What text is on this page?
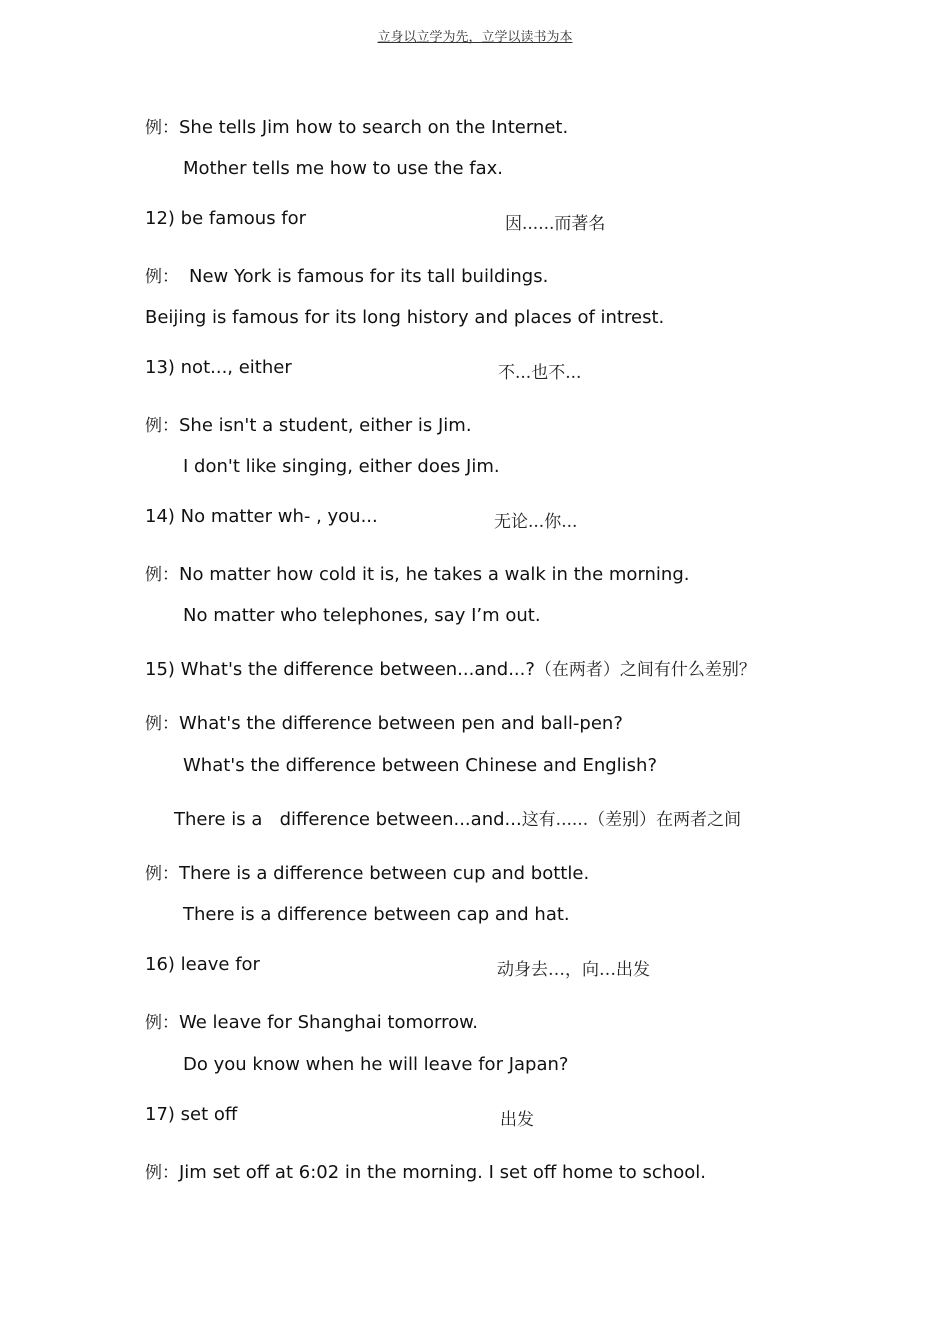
立身以立学为先，立学以读书为本
例：She tells Jim how to search on the Internet.
Mother tells me how to use the fax.
12) be famous for	因......而著名
例： New York is famous for its tall buildings.
Beijing is famous for its long history and places of intrest.
13) not..., either	不...也不...
例：She isn't a student, either is Jim.
I don't like singing, either does Jim.
14) No matter wh- , you...	无论...你...
例：No matter how cold it is, he takes a walk in the morning.
No matter who telephones, say I’m out.
15) What's the difference between...and...?（在两者）之间有什么差别？
例：What's the difference between pen and ball-pen?
What's the difference between Chinese and English?
There is a   difference between...and...这有......（差别）在两者之间
例：There is a difference between cup and bottle.
There is a difference between cap and hat.
16) leave for	动身去…，向…出发
例：We leave for Shanghai tomorrow.
Do you know when he will leave for Japan?
17) set off	出发
例：Jim set off at 6:02 in the morning. I set off home to school.
